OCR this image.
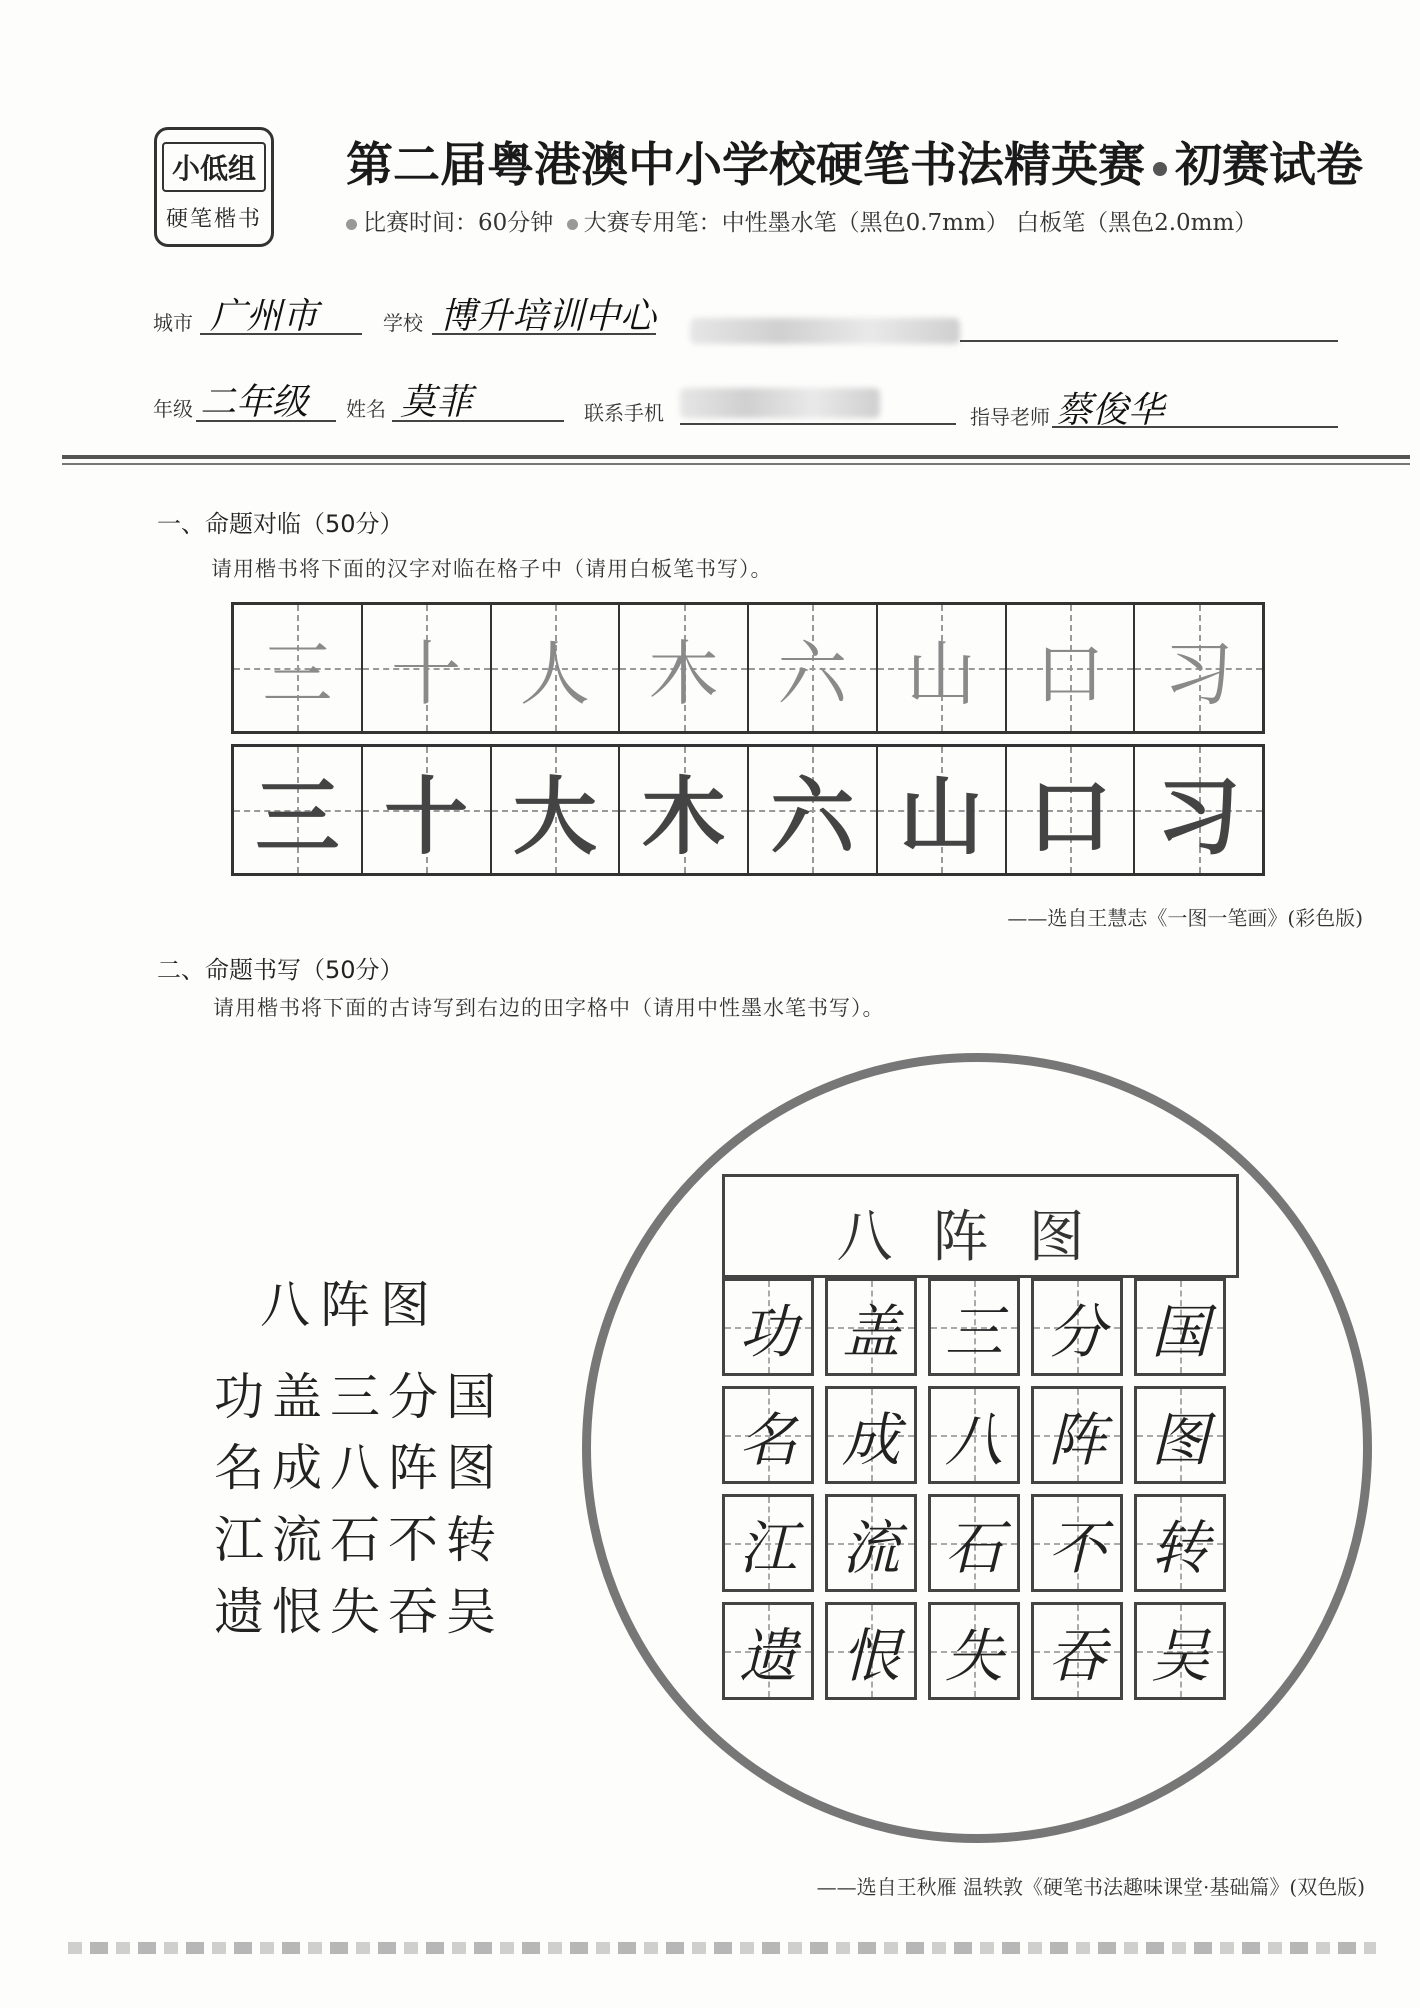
小低组
硬笔楷书
第二届粤港澳中小学校硬笔书法精英赛 初赛试卷
比赛时间：60分钟 大赛专用笔：中性墨水笔（黑色0.7mm） 白板笔（黑色2.0mm）
城市 广州市	学校 博升培训中心
年级 二年级 姓名 莫菲	联系手机	指导老师 蔡俊华
一、命题对临（50分）
请用楷书将下面的汉字对临在格子中（请用白板笔书写）。
三 十 人 木 六 山 口 习
三 十 大 木 六 山 口 习
——选自王慧志《一图一笔画》(彩色版)
二、命题书写（50分）
请用楷书将下面的古诗写到右边的田字格中（请用中性墨水笔书写）。
八阵图
功盖三分国
名成八阵图
江流石不转
遗恨失吞吴
八阵图
功 盖 三 分 国
名 成 八 阵 图
江 流 石 不 转
遗 恨 失 吞 吴
——选自王秋雁 温轶敦《硬笔书法趣味课堂·基础篇》(双色版)
